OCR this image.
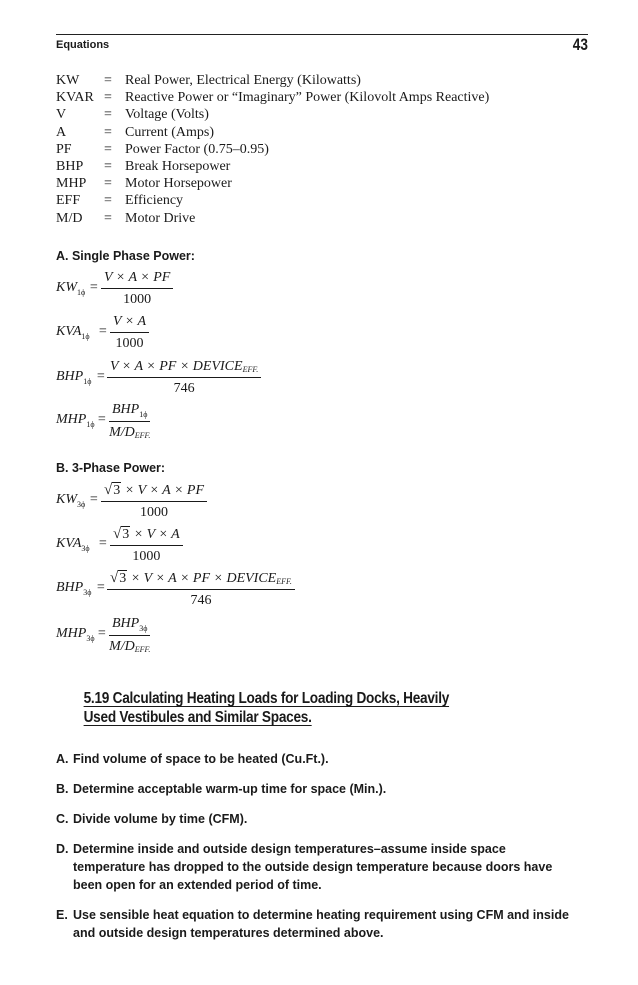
Equations	43
KW	= Real Power, Electrical Energy (Kilowatts)
KVAR = Reactive Power or “Imaginary” Power (Kilovolt Amps Reactive)
V	= Voltage (Volts)
A	= Current (Amps)
PF	= Power Factor (0.75–0.95)
BHP	= Break Horsepower
MHP	= Motor Horsepower
EFF	= Efficiency
M/D	= Motor Drive
A. Single Phase Power:
$KW_{1\phi}$ =
V × A × PF
1000
$KVA_{1\phi}$ =
V × A
1000
$BHP_{1\phi}$ =
V × A × PF × DEVICEEFF.
746
$MHP_{1\phi}$ =
$BHP_{1\phi}$
M/DEFF.
B. 3-Phase Power:
$KW_{3\phi}$ =
√3 × V × A × PF
1000
$KVA_{3\phi}$ =
√3 × V × A
1000
$BHP_{3\phi}$ =
√3 × V × A × PF × DEVICEEFF.
746
$MHP_{3\phi}$ =
$BHP_{3\phi}$
M/DEFF.
5.19 Calculating Heating Loads for Loading Docks, Heavily
Used Vestibules and Similar Spaces.
A. Find volume of space to be heated (Cu.Ft.).
B. Determine acceptable warm-up time for space (Min.).
C. Divide volume by time (CFM).
D. Determine inside and outside design temperatures–assume inside space temperature has dropped to the outside design temperature because doors have been open for an extended period of time.
E. Use sensible heat equation to determine heating requirement using CFM and inside and outside design temperatures determined above.
